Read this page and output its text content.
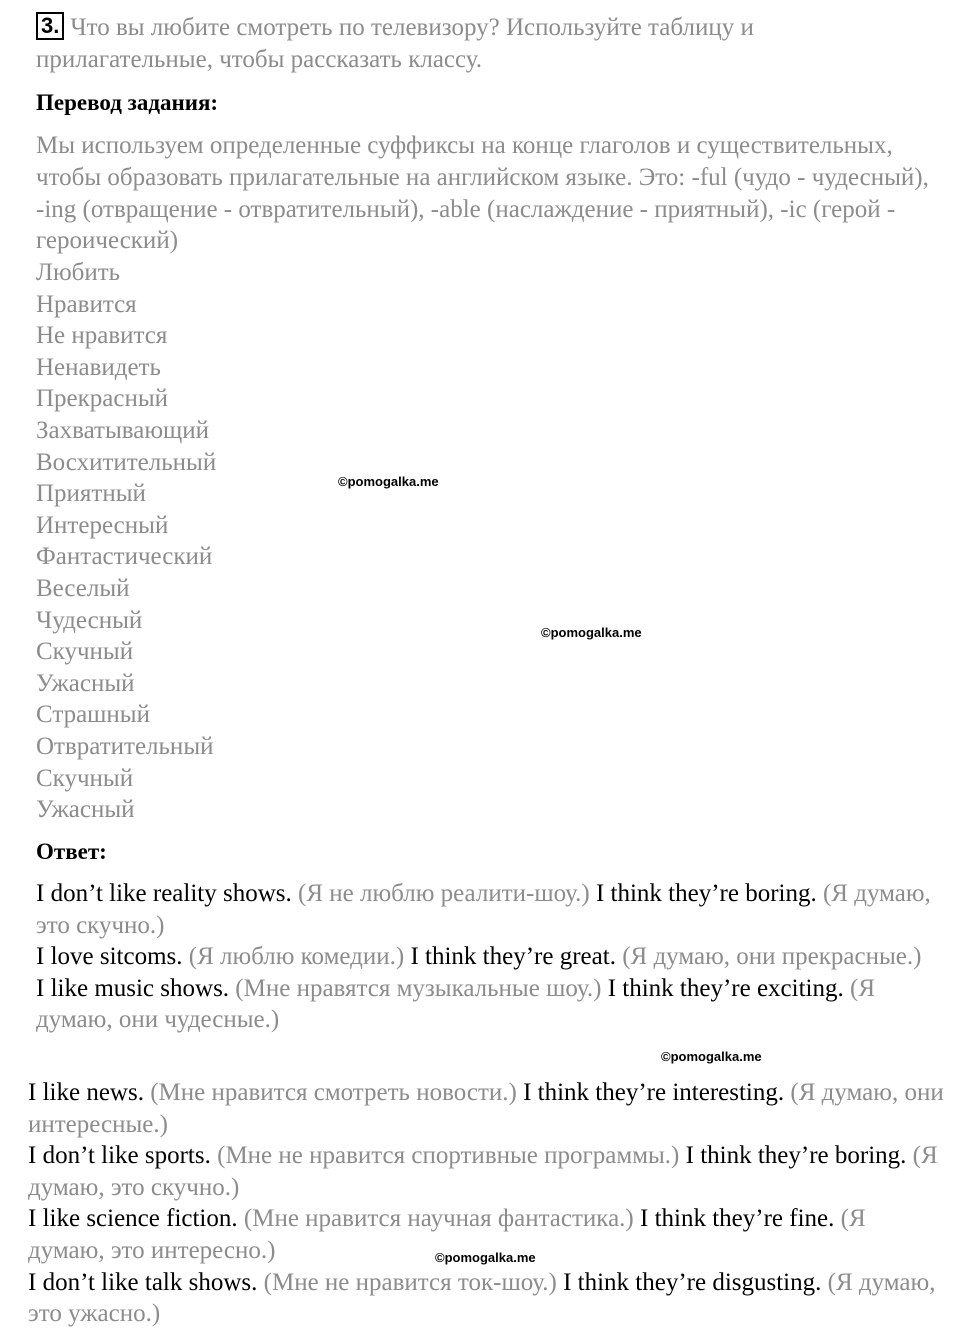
3. Что вы любите смотреть по телевизору? Используйте таблицу и прилагательные, чтобы рассказать классу.
Перевод задания:
Мы используем определенные суффиксы на конце глаголов и существительных, чтобы образовать прилагательные на английском языке. Это: -ful (чудо - чудесный), -ing (отвращение - отвратительный), -able (наслаждение - приятный), -ic (герой - героический)
Любить
Нравится
Не нравится
Ненавидеть
Прекрасный
Захватывающий
Восхитительный
Приятный
Интересный
Фантастический
Веселый
Чудесный
Скучный
Ужасный
Страшный
Отвратительный
Скучный
Ужасный
Ответ:
I don’t like reality shows. (Я не люблю реалити-шоу.) I think they’re boring. (Я думаю, это скучно.)
I love sitcoms. (Я люблю комедии.) I think they’re great. (Я думаю, они прекрасные.)
I like music shows. (Мне нравятся музыкальные шоу.) I think they’re exciting. (Я думаю, они чудесные.)
I like news. (Мне нравится смотреть новости.) I think they’re interesting. (Я думаю, они интересные.)
I don’t like sports. (Мне не нравится спортивные программы.) I think they’re boring. (Я думаю, это скучно.)
I like science fiction. (Мне нравится научная фантастика.) I think they’re fine. (Я думаю, это интересно.)
I don’t like talk shows. (Мне не нравится ток-шоу.) I think they’re disgusting. (Я думаю, это ужасно.)
©pomogalka.me
©pomogalka.me
©pomogalka.me
©pomogalka.me
